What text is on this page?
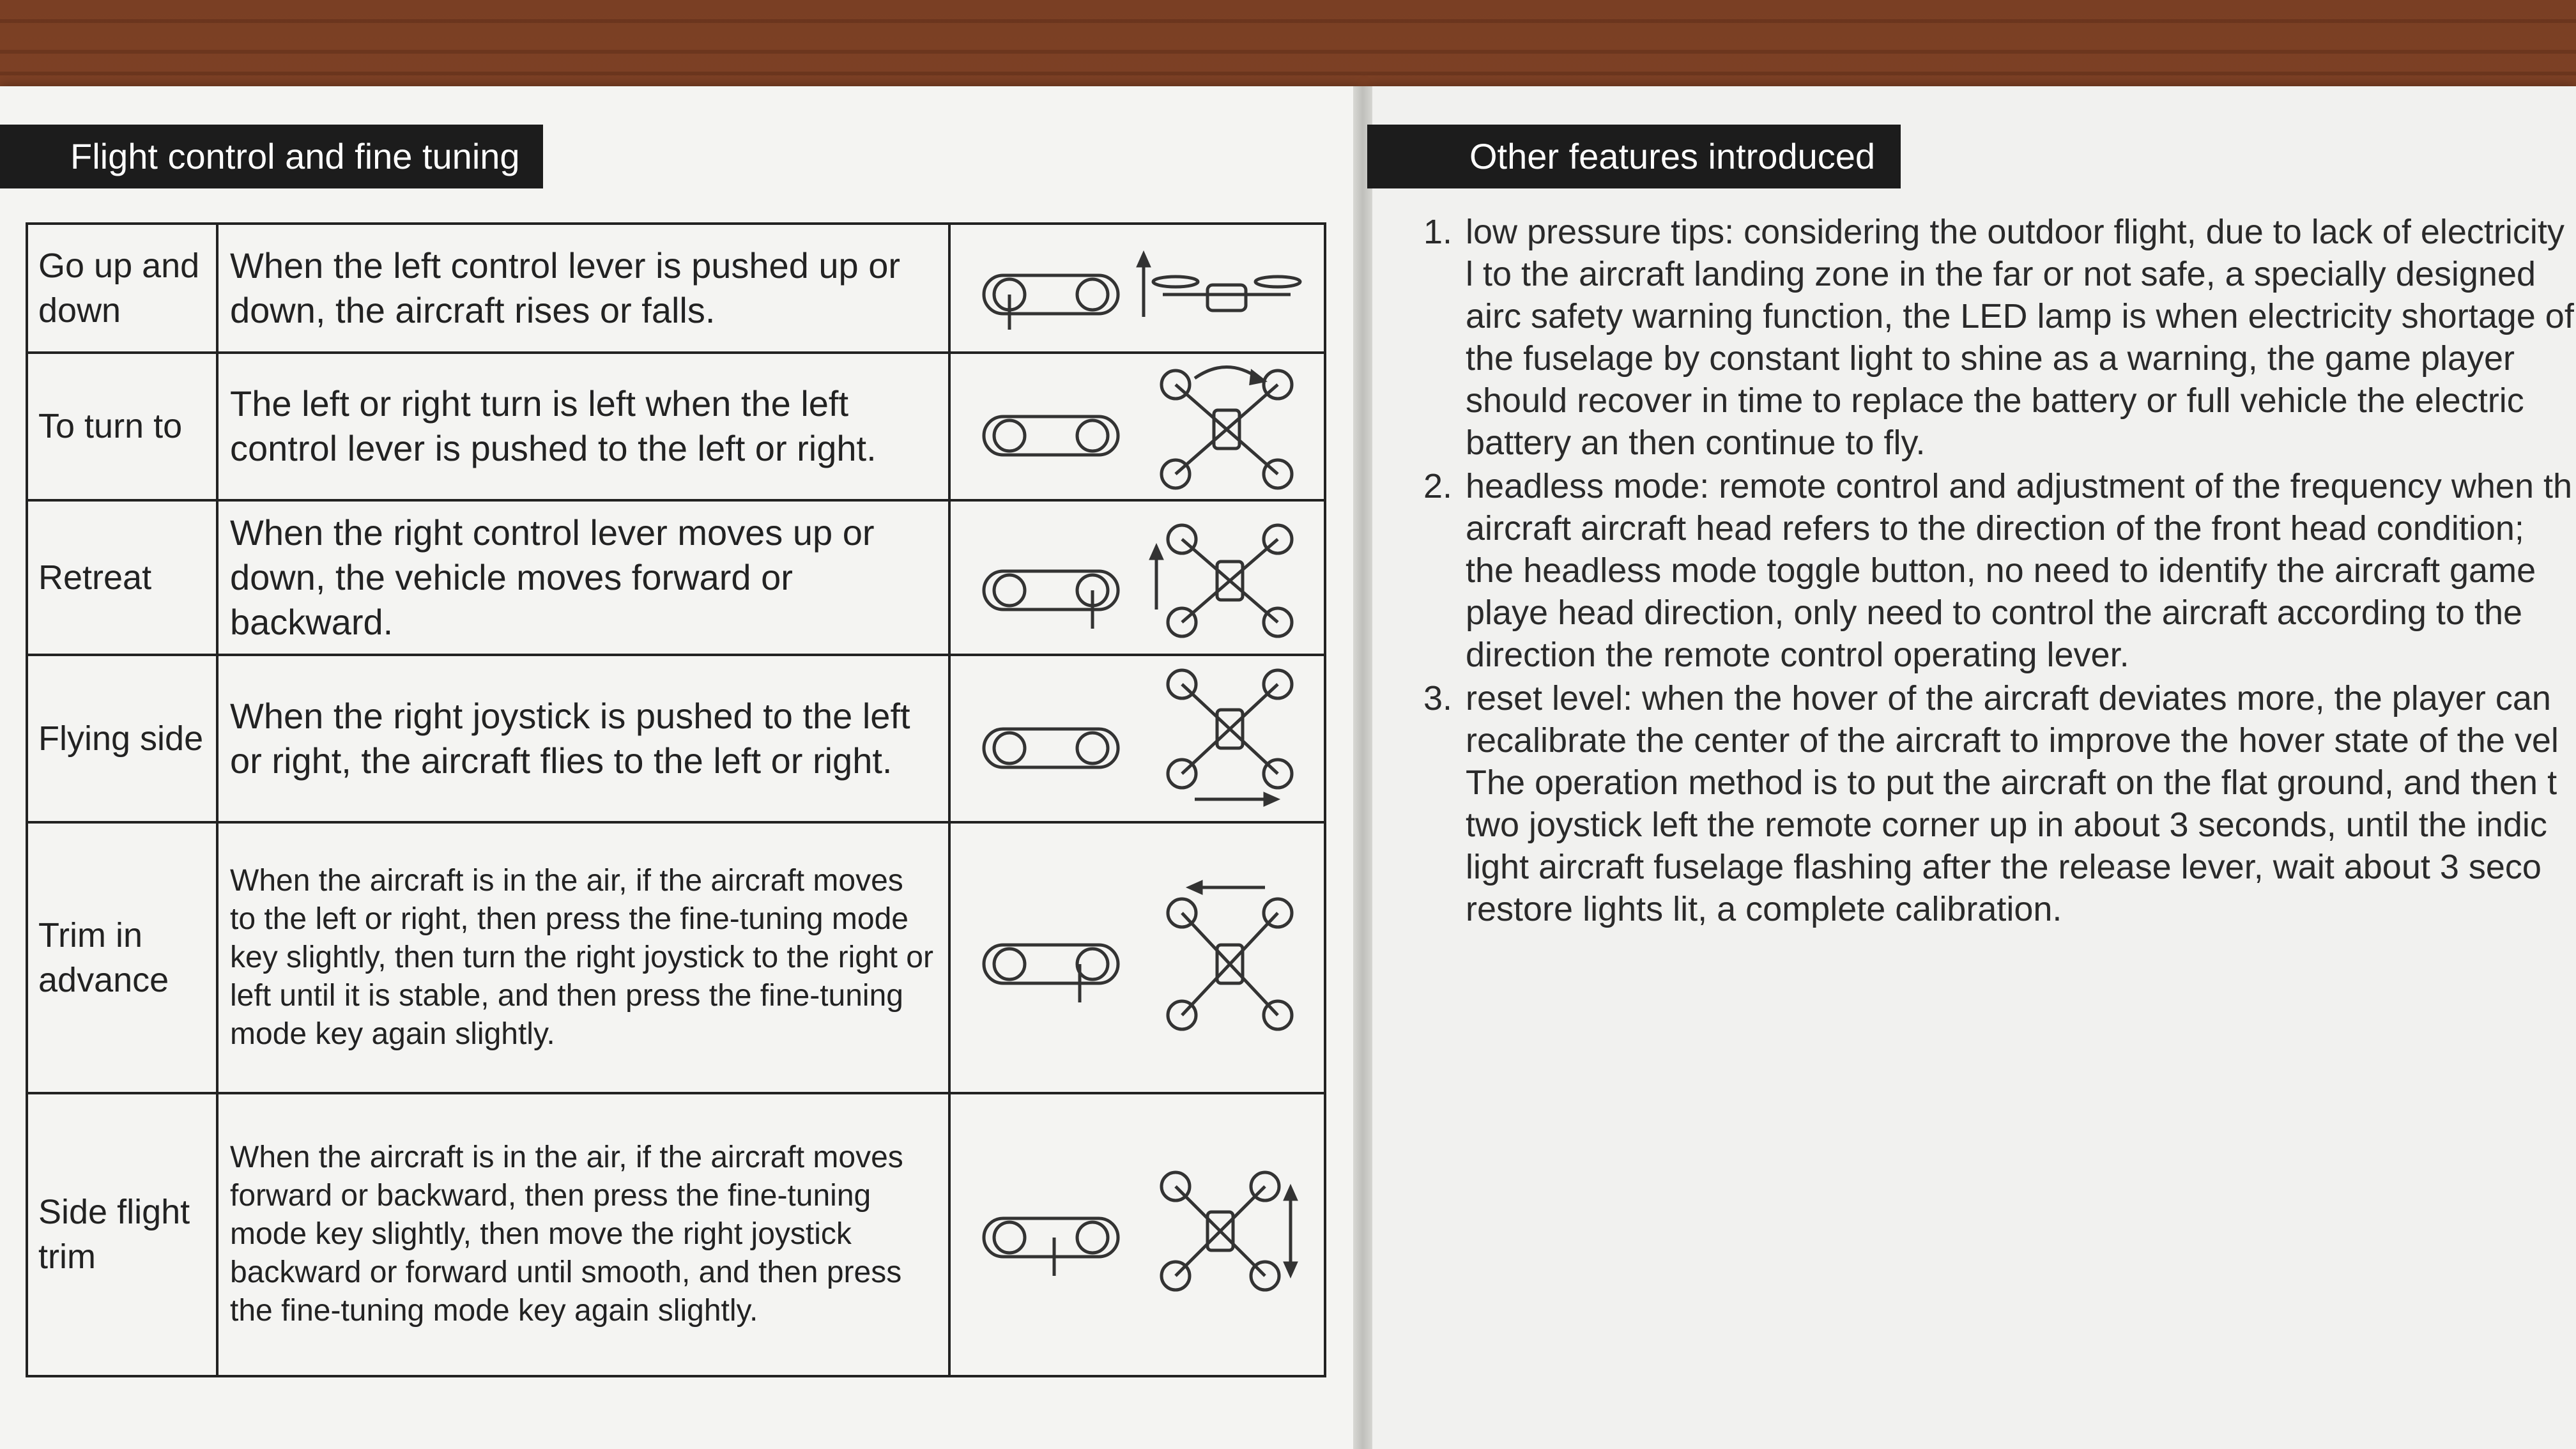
Flight control and fine tuning	Other features introduced
Go up and down	When the left control lever is pushed up or down, the aircraft rises or falls.	

To turn to	The left or right turn is left when the left control lever is pushed to the left or right.	

Retreat	When the right control lever moves up or down, the vehicle moves forward or backward.	

Flying side	When the right joystick is pushed to the left or right, the aircraft flies to the left or right.	

Trim in advance	When the aircraft is in the air, if the aircraft moves to the left or right, then press the fine-tuning mode key slightly, then turn the right joystick to the right or left until it is stable, and then press the fine-tuning mode key again slightly.	

Side flight trim	When the aircraft is in the air, if the aircraft moves forward or backward, then press the fine-tuning mode key slightly, then move the right joystick backward or forward until smooth, and then press the fine-tuning mode key again slightly.	
1. low pressure tips: considering the outdoor flight, due to lack of electricity l to the aircraft landing zone in the far or not safe, a specially designed airc safety warning function, the LED lamp is when electricity shortage of the fuselage by constant light to shine as a warning, the game player should recover in time to replace the battery or full vehicle the electric battery an then continue to fly.
2. headless mode: remote control and adjustment of the frequency when th aircraft aircraft head refers to the direction of the front head condition; the headless mode toggle button, no need to identify the aircraft game playe head direction, only need to control the aircraft according to the direction the remote control operating lever.
3. reset level: when the hover of the aircraft deviates more, the player can recalibrate the center of the aircraft to improve the hover state of the vel The operation method is to put the aircraft on the flat ground, and then t two joystick left the remote corner up in about 3 seconds, until the indic light aircraft fuselage flashing after the release lever, wait about 3 seco restore lights lit, a complete calibration.
